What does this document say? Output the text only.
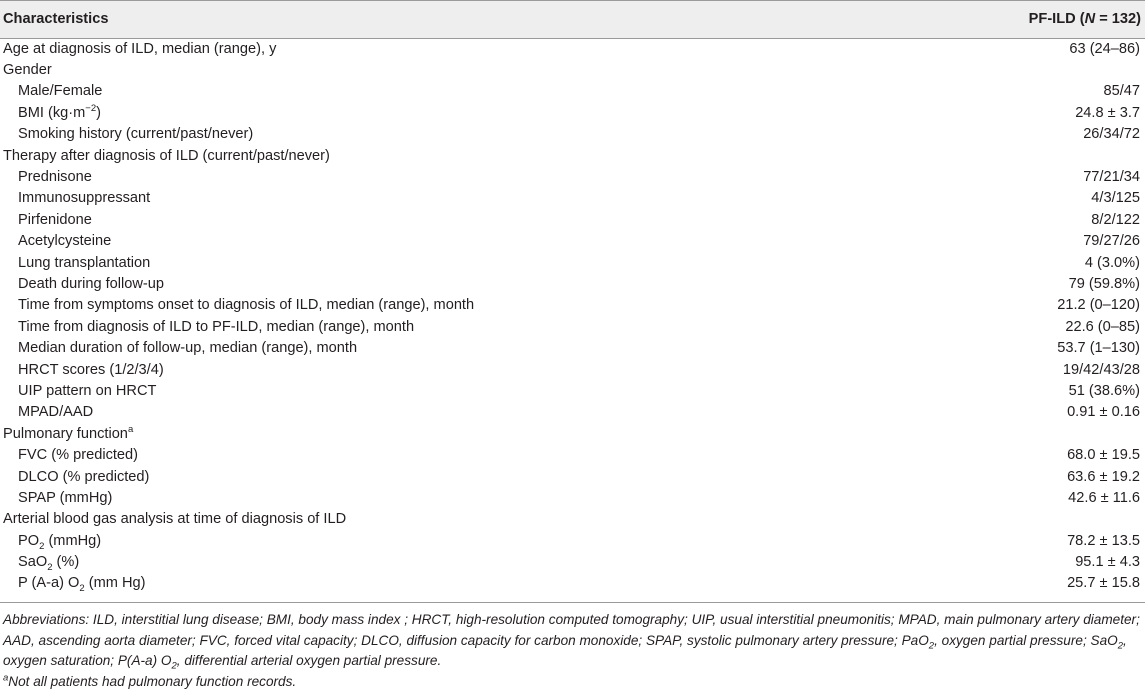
Characteristics	PF-ILD (N = 132)
Age at diagnosis of ILD, median (range), y	63 (24–86)
Gender	
Male/Female	85/47
BMI $(kg\cdot m^{-2})$	24.8 ± 3.7
Smoking history (current/past/never)	26/34/72
Therapy after diagnosis of ILD (current/past/never)	
Prednisone	77/21/34
Immunosuppressant	4/3/125
Pirfenidone	8/2/122
Acetylcysteine	79/27/26
Lung transplantation	4 (3.0%)
Death during follow-up	79 (59.8%)
Time from symptoms onset to diagnosis of ILD, median (range), month	21.2 (0–120)
Time from diagnosis of ILD to PF-ILD, median (range), month	22.6 (0–85)
Median duration of follow-up, median (range), month	53.7 (1–130)
HRCT scores (1/2/3/4)	19/42/43/28
UIP pattern on HRCT	51 (38.6%)
MPAD/AAD	0.91 ± 0.16
Pulmonary function$^a$	
FVC (% predicted)	68.0 ± 19.5
DLCO (% predicted)	63.6 ± 19.2
SPAP (mmHg)	42.6 ± 11.6
Arterial blood gas analysis at time of diagnosis of ILD	
$PO_2$ (mmHg)	78.2 ± 13.5
SaO$_2$ (%)	95.1 ± 4.3
P (A-a) $O_2$ (mm Hg)	25.7 ± 15.8

Abbreviations: ILD, interstitial lung disease; BMI, body mass index ; HRCT, high-resolution computed tomography; UIP, usual interstitial pneumonitis; MPAD, main pulmonary artery diameter; AAD, ascending aorta diameter; FVC, forced vital capacity; DLCO, diffusion capacity for carbon monoxide; SPAP, systolic pulmonary artery pressure; PaO$_2$, oxygen partial pressure; SaO$_2$, oxygen saturation; P(A-a) $O_2$, differential arterial oxygen partial pressure.

$^a$Not all patients had pulmonary function records.
